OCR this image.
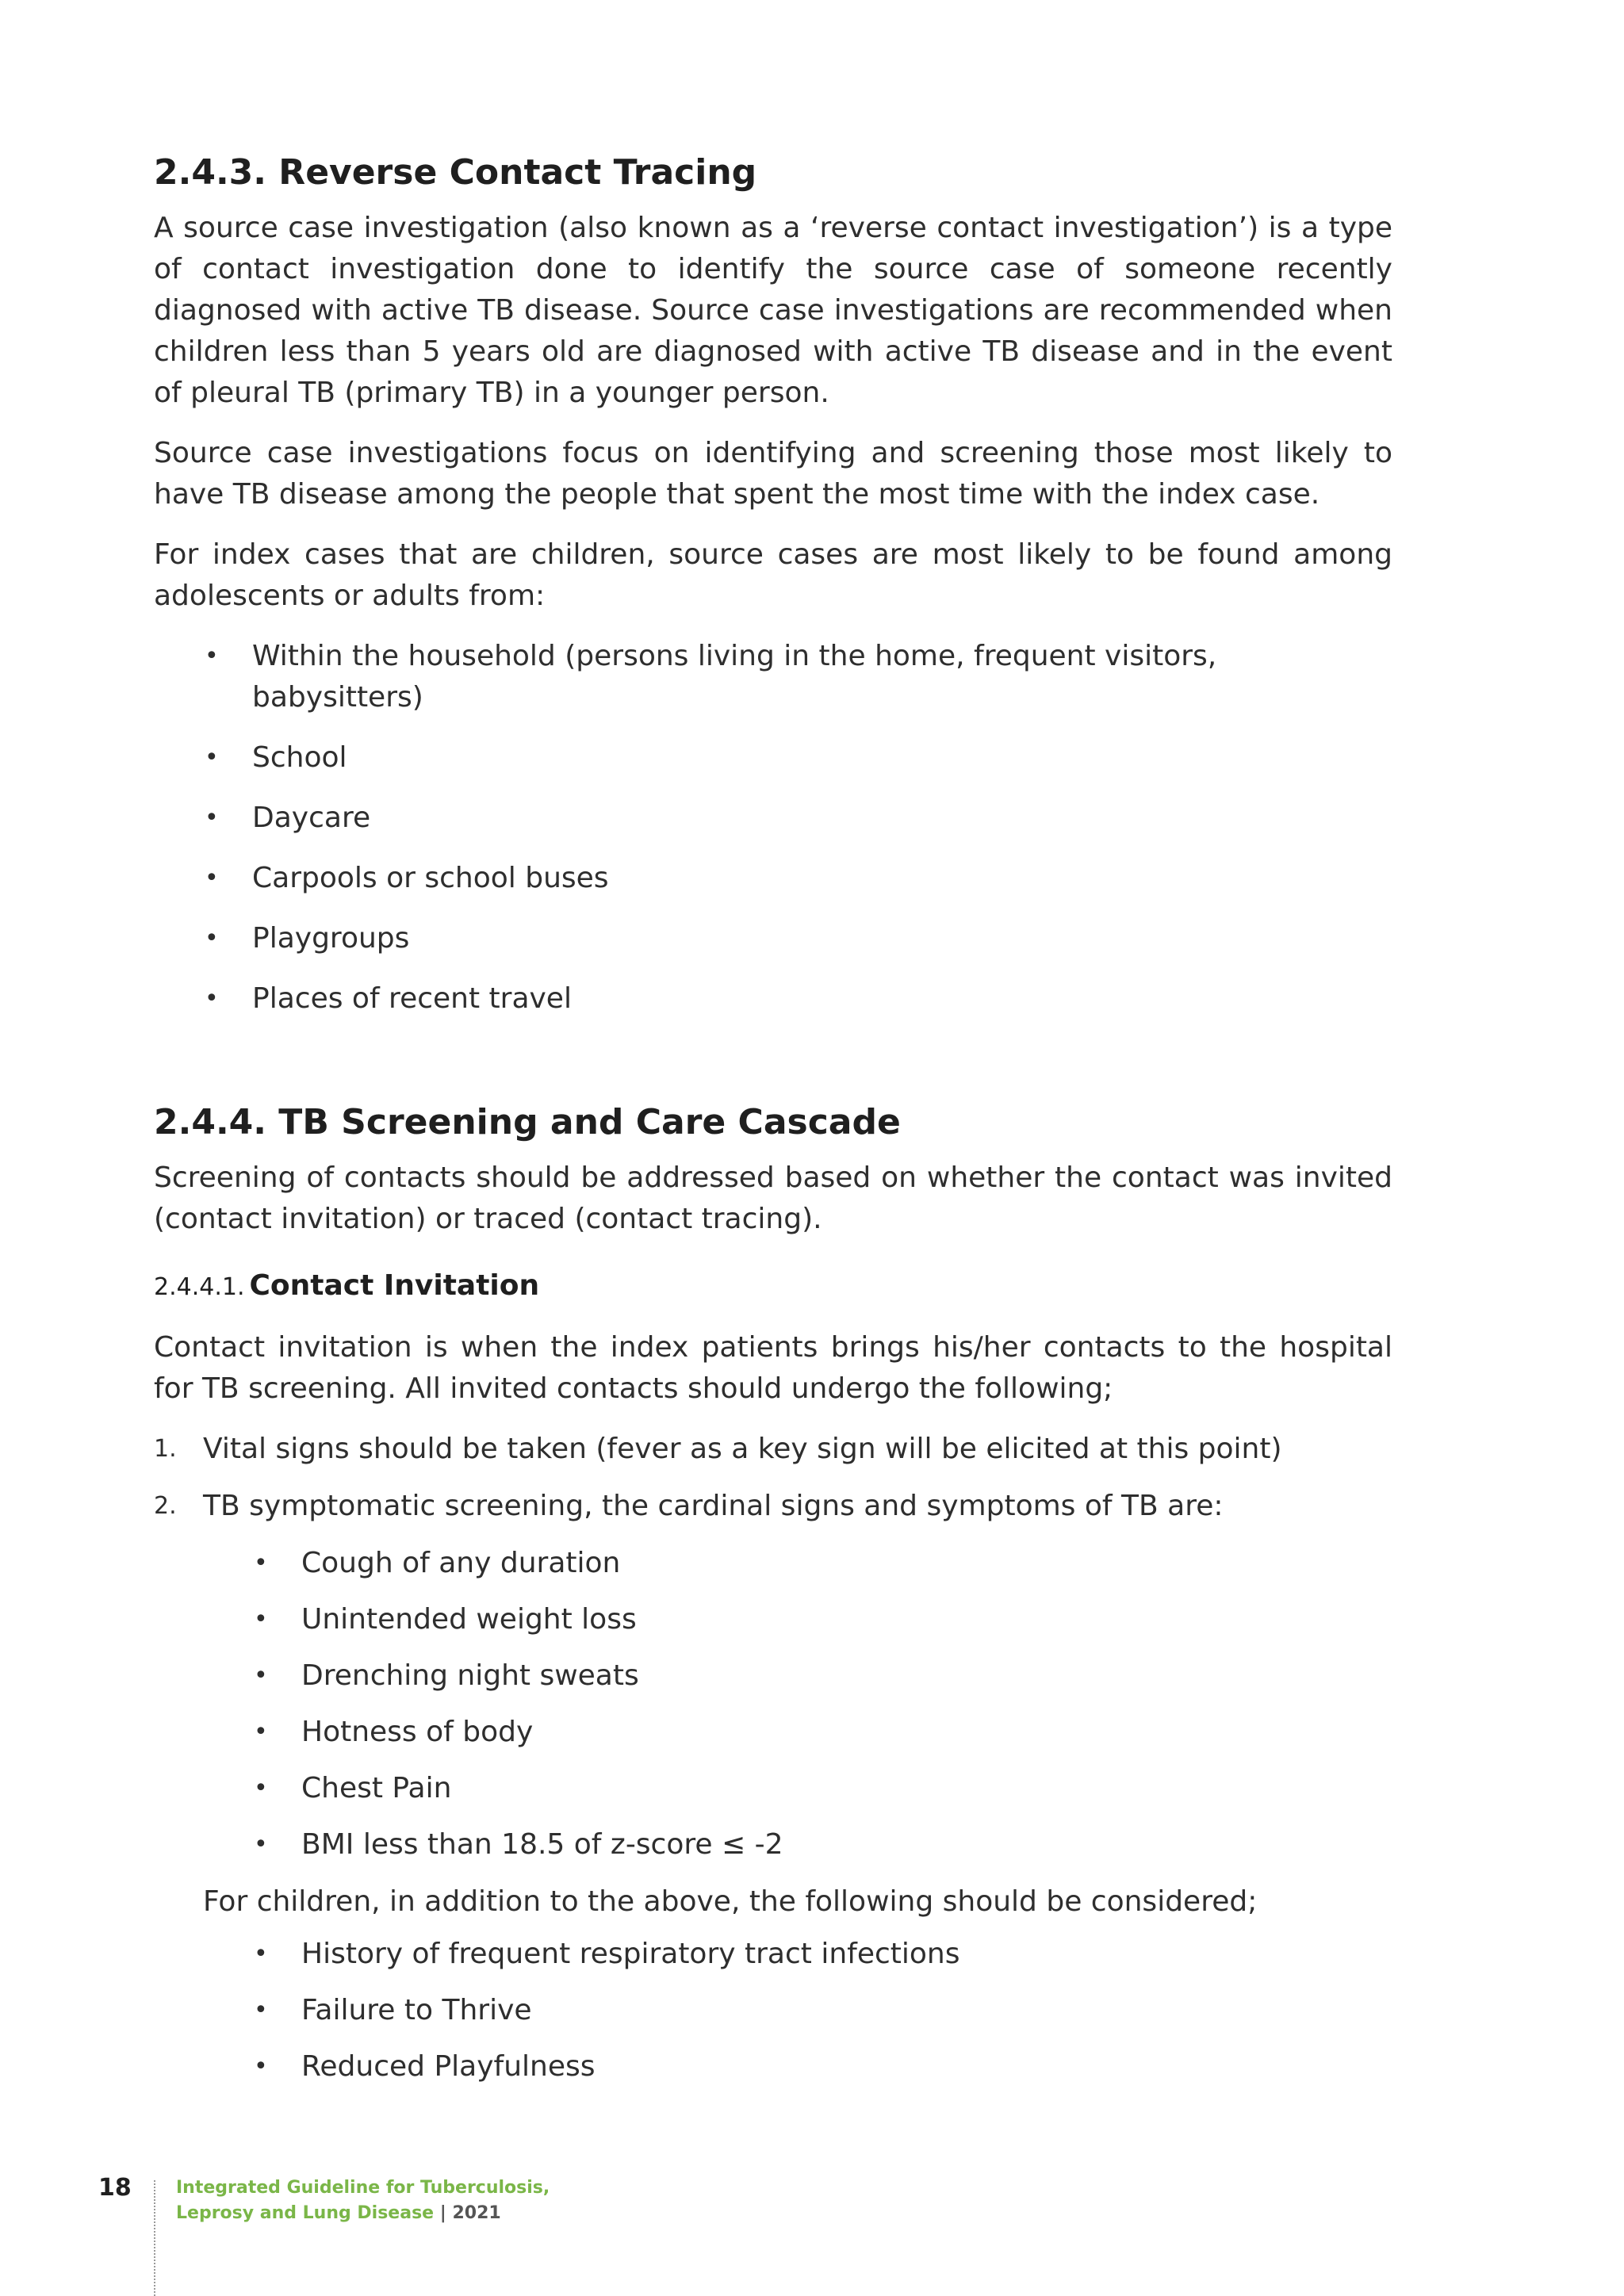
2.4.3. Reverse Contact Tracing

A source case investigation (also known as a ‘reverse contact investigation’) is a type of contact investigation done to identify the source case of someone recently diagnosed with active TB disease. Source case investigations are recommended when children less than 5 years old are diagnosed with active TB disease and in the event of pleural TB (primary TB) in a younger person.

Source case investigations focus on identifying and screening those most likely to have TB disease among the people that spent the most time with the index case.

For index cases that are children, source cases are most likely to be found among adolescents or adults from:

• Within the household (persons living in the home, frequent visitors, babysitters)
• School
• Daycare
• Carpools or school buses
• Playgroups
• Places of recent travel
2.4.4. TB Screening and Care Cascade

Screening of contacts should be addressed based on whether the contact was invited (contact invitation) or traced (contact tracing).

2.4.4.1. Contact Invitation

Contact invitation is when the index patients brings his/her contacts to the hospital for TB screening. All invited contacts should undergo the following;

1. Vital signs should be taken (fever as a key sign will be elicited at this point)
2. TB symptomatic screening, the cardinal signs and symptoms of TB are:
• Cough of any duration
• Unintended weight loss
• Drenching night sweats
• Hotness of body
• Chest Pain
• BMI less than 18.5 of z-score ≤ -2
For children, in addition to the above, the following should be considered;
• History of frequent respiratory tract infections
• Failure to Thrive
• Reduced Playfulness
18	Integrated Guideline for Tuberculosis,
Leprosy and Lung Disease | 2021
